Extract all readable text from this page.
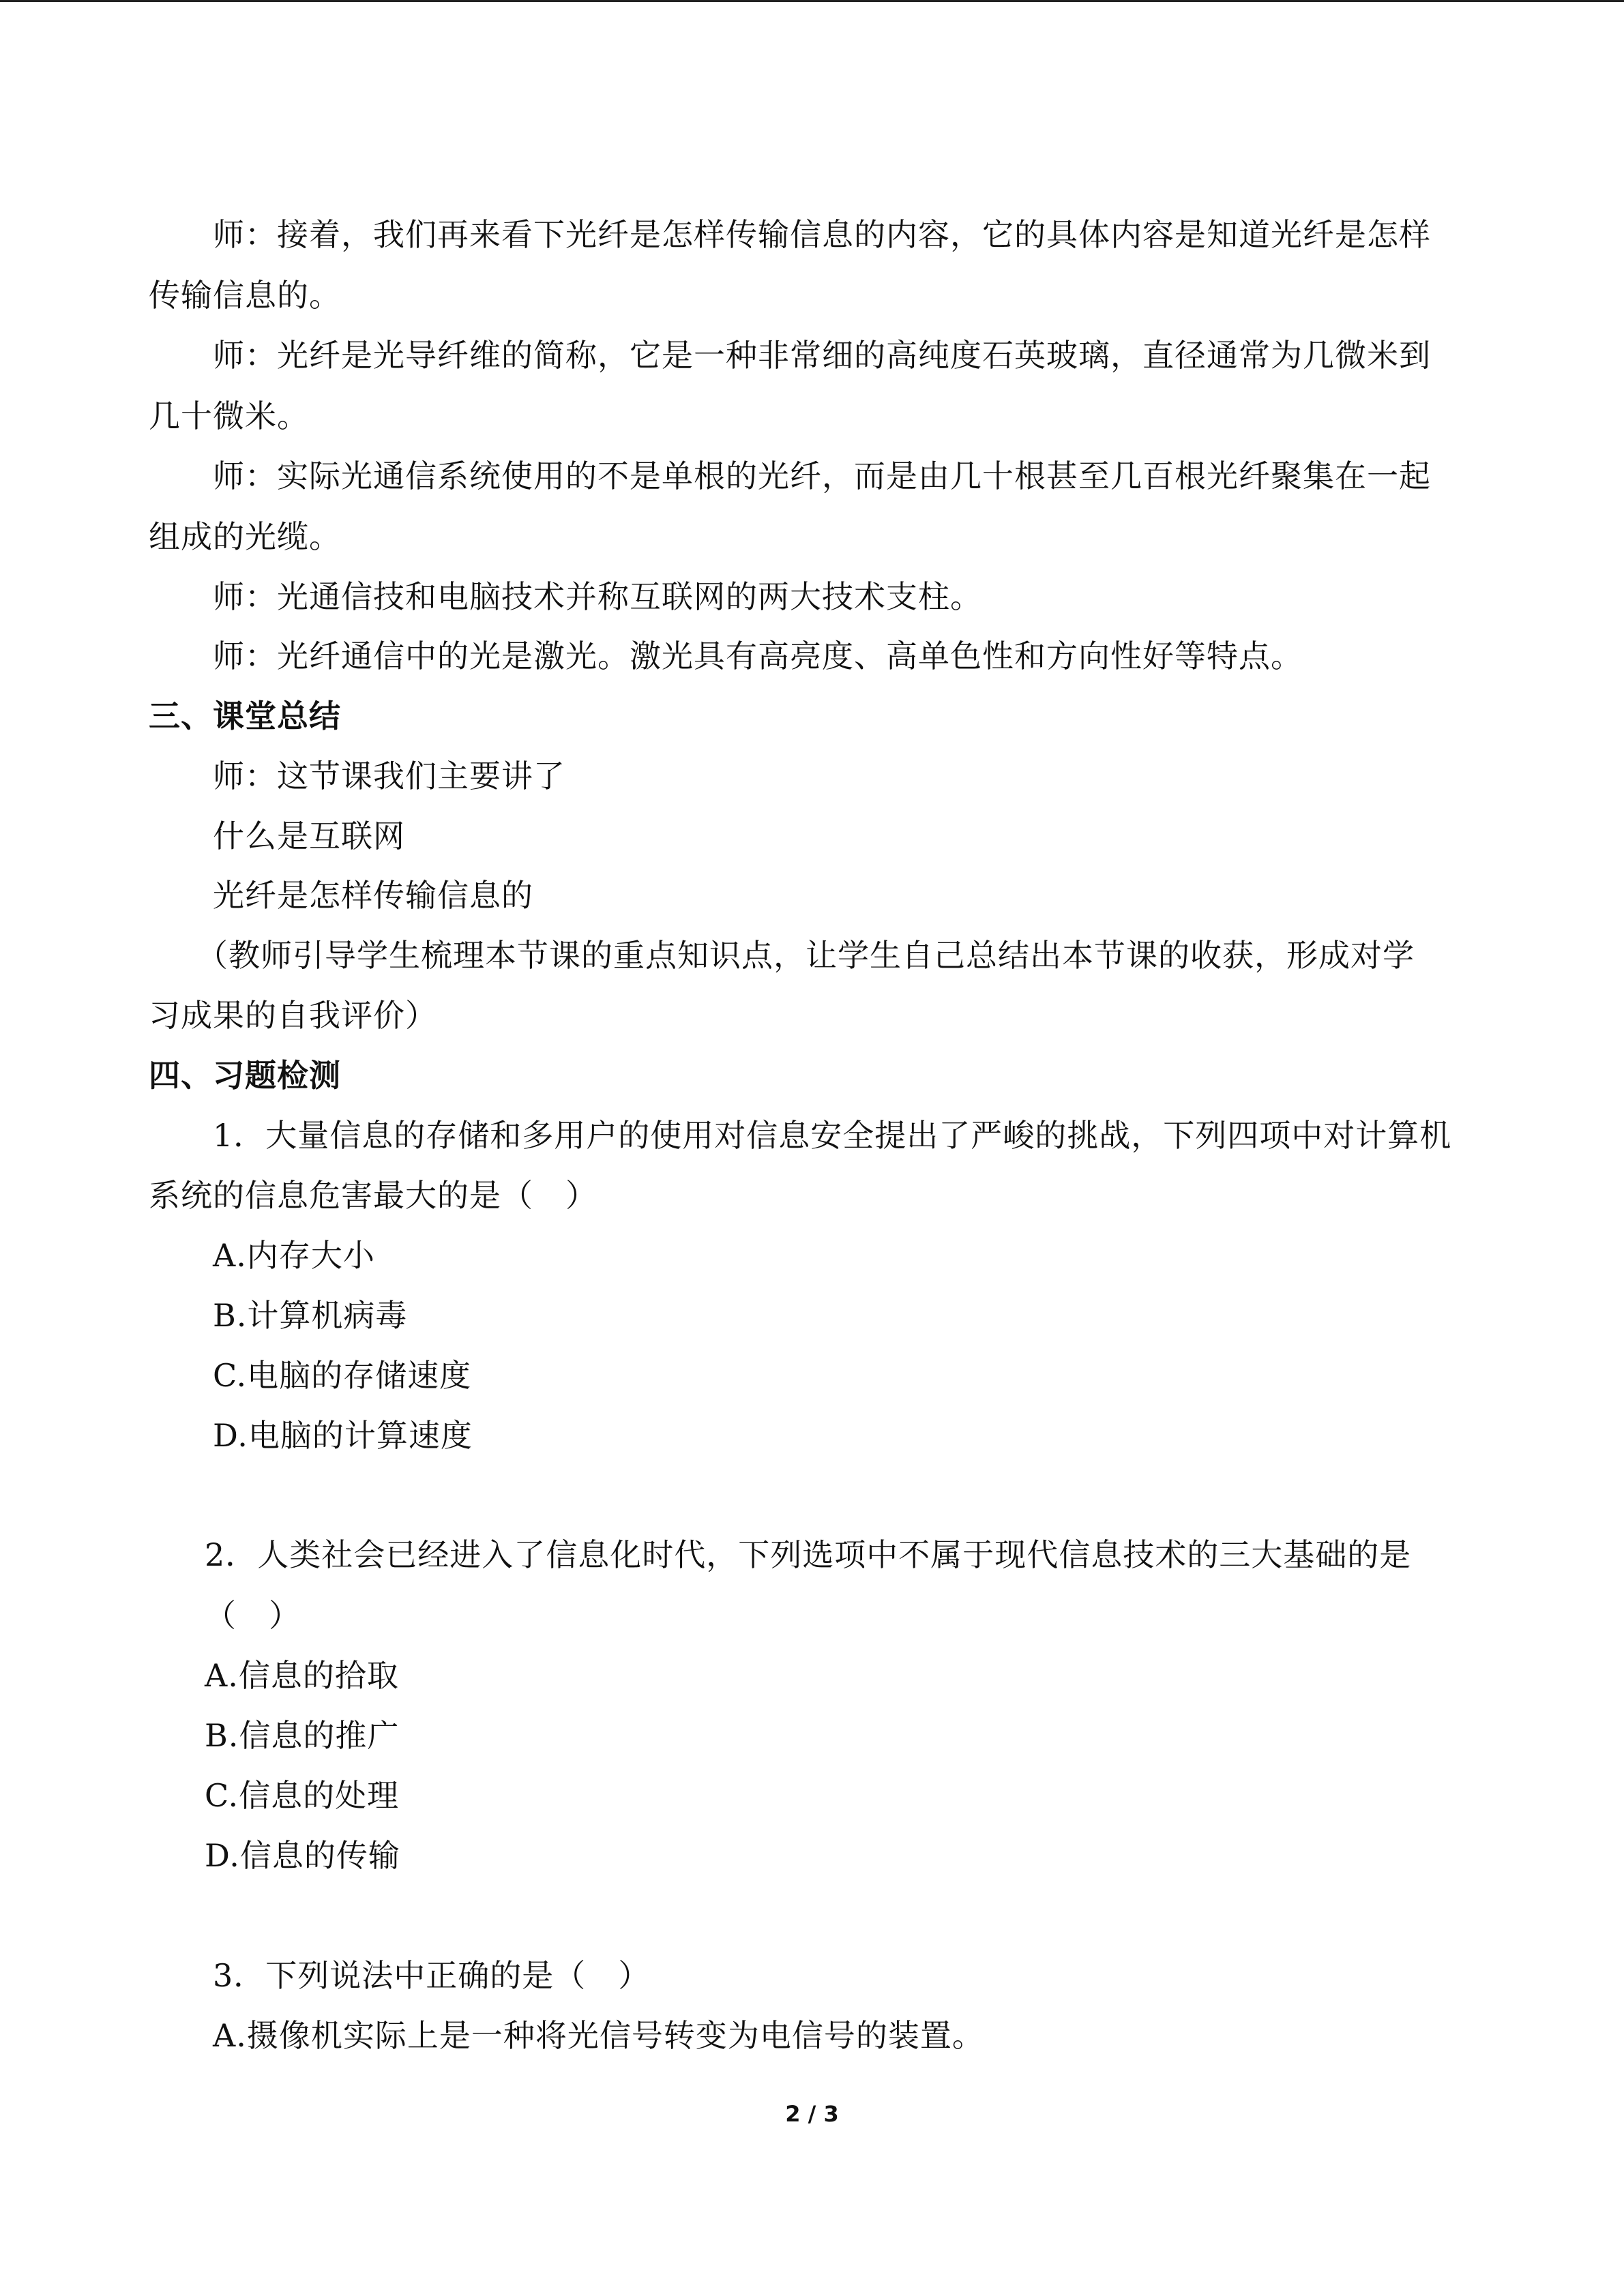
师：接着，我们再来看下光纤是怎样传输信息的内容，它的具体内容是知道光纤是怎样
传输信息的。
师：光纤是光导纤维的简称，它是一种非常细的高纯度石英玻璃，直径通常为几微米到
几十微米。
师：实际光通信系统使用的不是单根的光纤，而是由几十根甚至几百根光纤聚集在一起
组成的光缆。
师：光通信技和电脑技术并称互联网的两大技术支柱。
师：光纤通信中的光是激光。激光具有高亮度、高单色性和方向性好等特点。
三、课堂总结
师：这节课我们主要讲了
什么是互联网
光纤是怎样传输信息的
（教师引导学生梳理本节课的重点知识点，让学生自己总结出本节课的收获，形成对学
习成果的自我评价）
四、习题检测
1．大量信息的存储和多用户的使用对信息安全提出了严峻的挑战，下列四项中对计算机
系统的信息危害最大的是（　）
A.内存大小
B.计算机病毒
C.电脑的存储速度
D.电脑的计算速度
2．人类社会已经进入了信息化时代，下列选项中不属于现代信息技术的三大基础的是
（　）
A.信息的拾取
B.信息的推广
C.信息的处理
D.信息的传输
3．下列说法中正确的是（　）
A.摄像机实际上是一种将光信号转变为电信号的装置。
2 / 3
